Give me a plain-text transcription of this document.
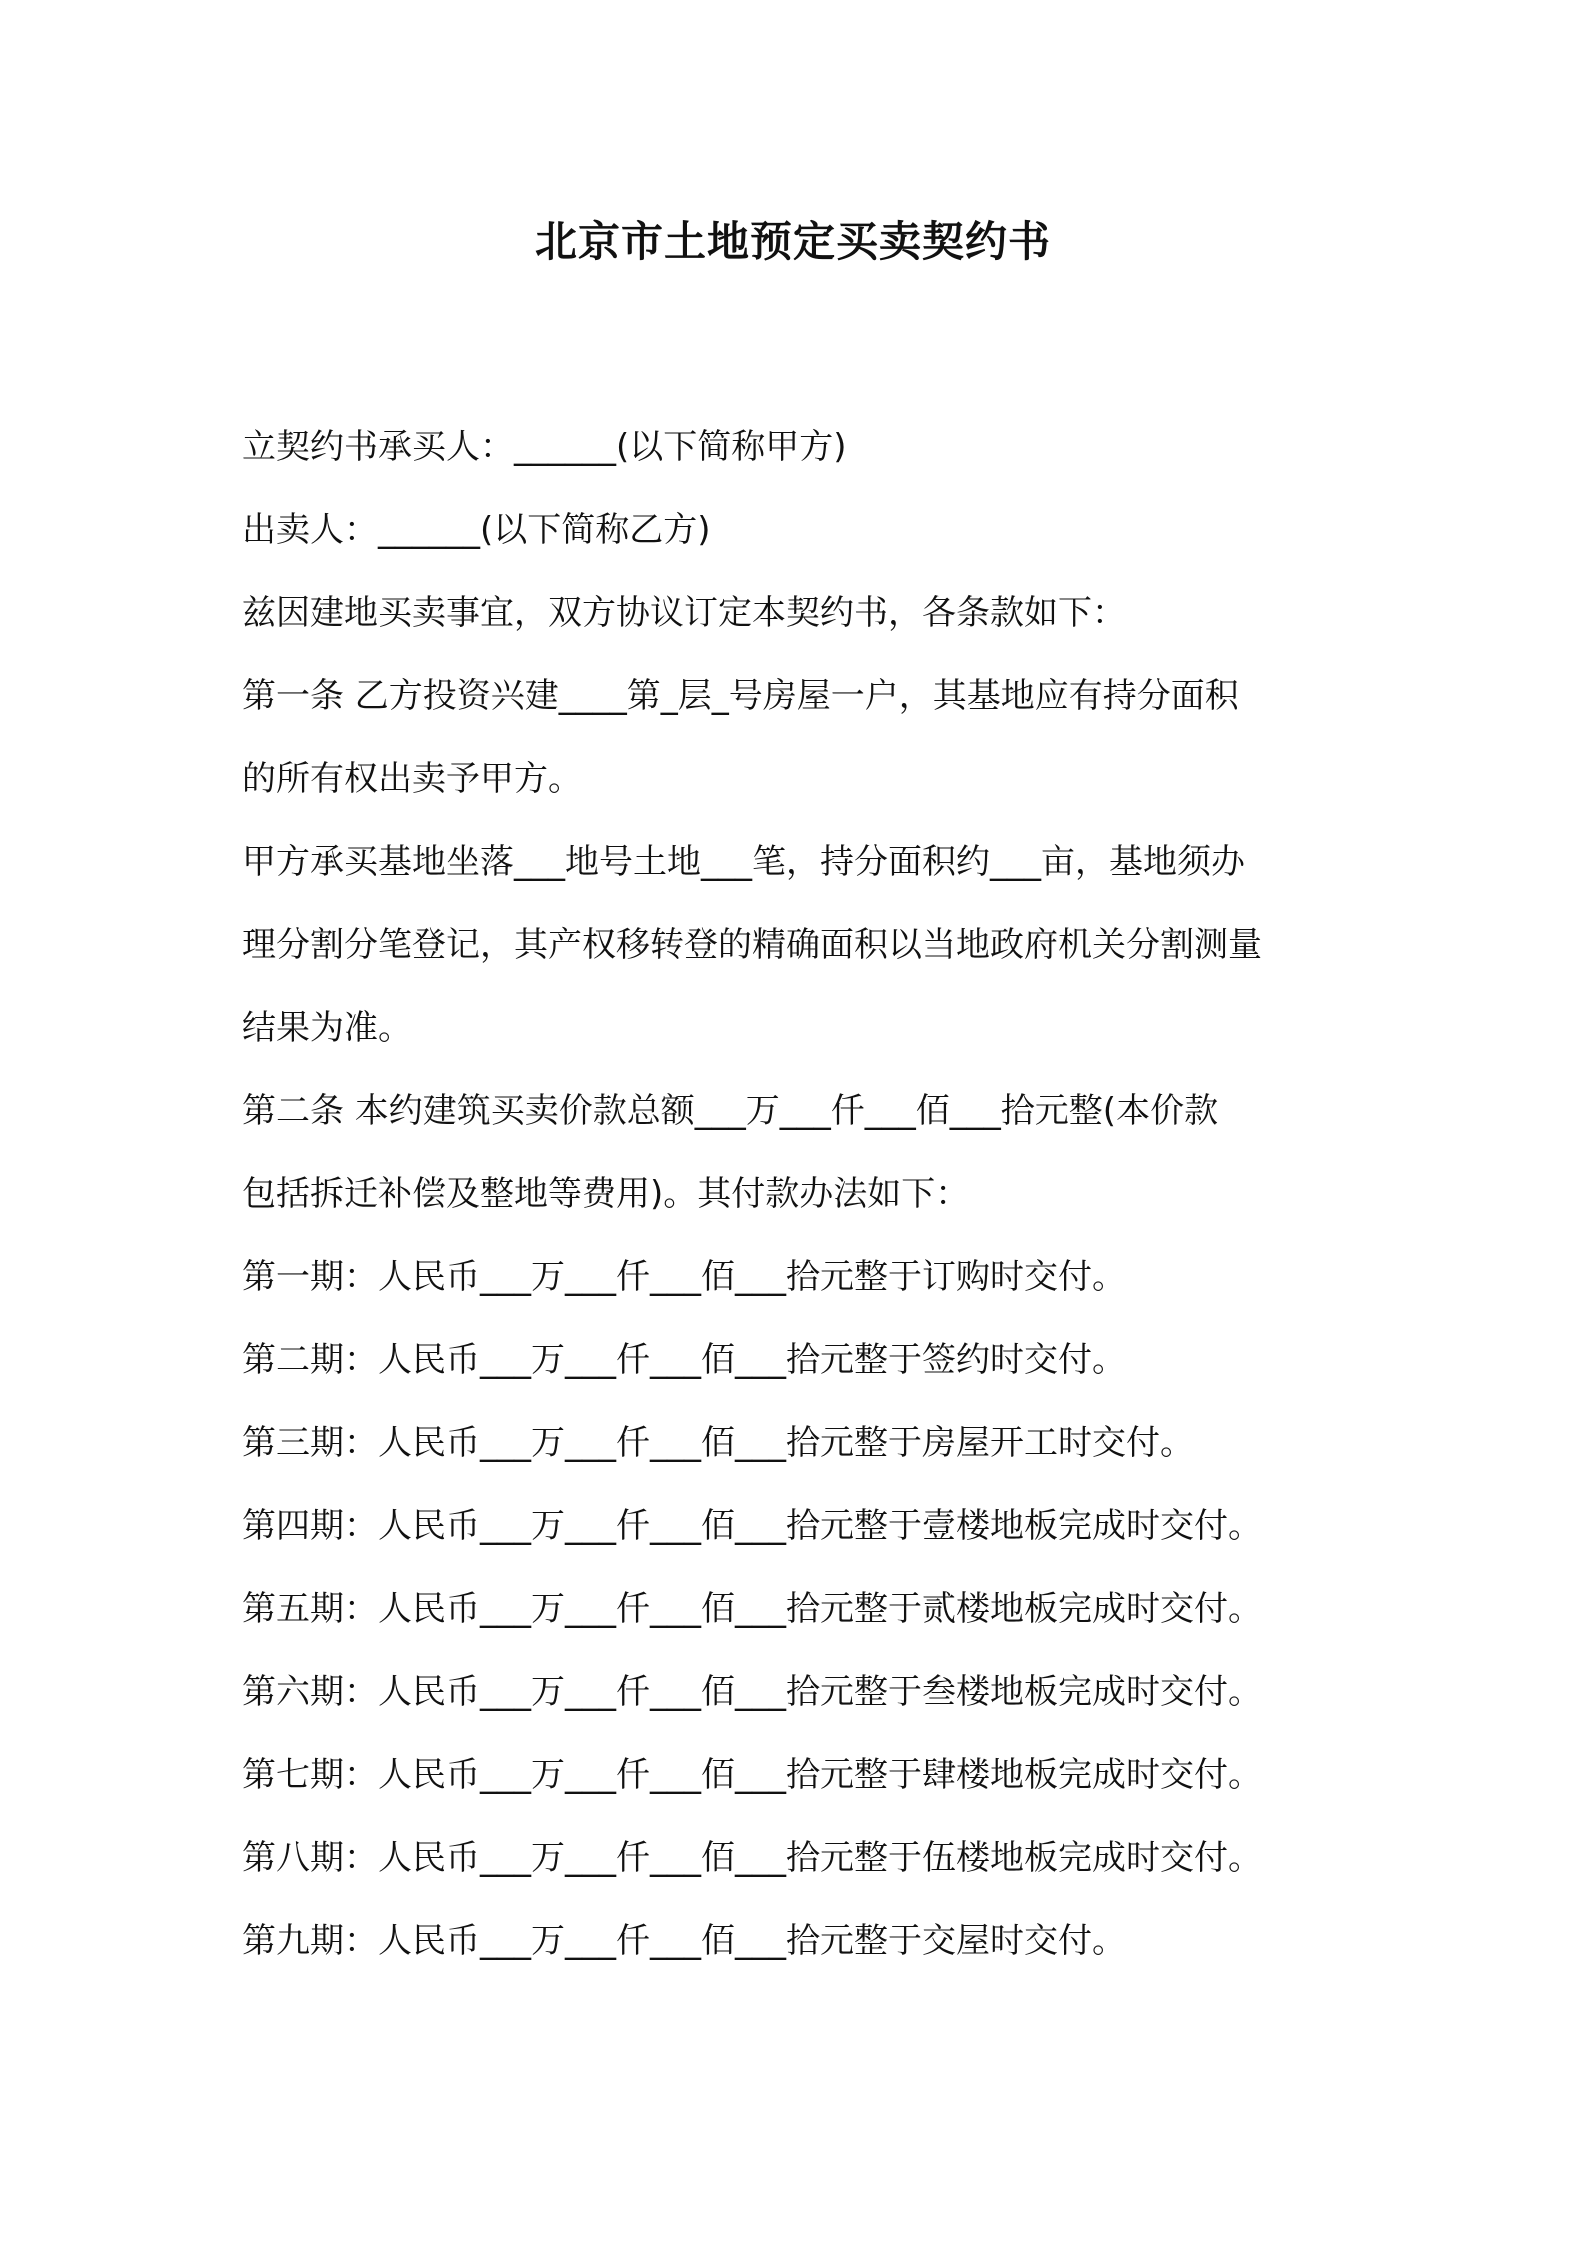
北京市土地预定买卖契约书
立契约书承买人：______(以下简称甲方)
出卖人：______(以下简称乙方)
兹因建地买卖事宜，双方协议订定本契约书，各条款如下：
第一条 乙方投资兴建____第_层_号房屋一户，其基地应有持分面积
的所有权出卖予甲方。
甲方承买基地坐落___地号土地___笔，持分面积约___亩，基地须办
理分割分笔登记，其产权移转登的精确面积以当地政府机关分割测量
结果为准。
第二条 本约建筑买卖价款总额___万___仟___佰___拾元整(本价款
包括拆迁补偿及整地等费用)。其付款办法如下：
第一期：人民币___万___仟___佰___拾元整于订购时交付。
第二期：人民币___万___仟___佰___拾元整于签约时交付。
第三期：人民币___万___仟___佰___拾元整于房屋开工时交付。
第四期：人民币___万___仟___佰___拾元整于壹楼地板完成时交付。
第五期：人民币___万___仟___佰___拾元整于贰楼地板完成时交付。
第六期：人民币___万___仟___佰___拾元整于叁楼地板完成时交付。
第七期：人民币___万___仟___佰___拾元整于肆楼地板完成时交付。
第八期：人民币___万___仟___佰___拾元整于伍楼地板完成时交付。
第九期：人民币___万___仟___佰___拾元整于交屋时交付。
